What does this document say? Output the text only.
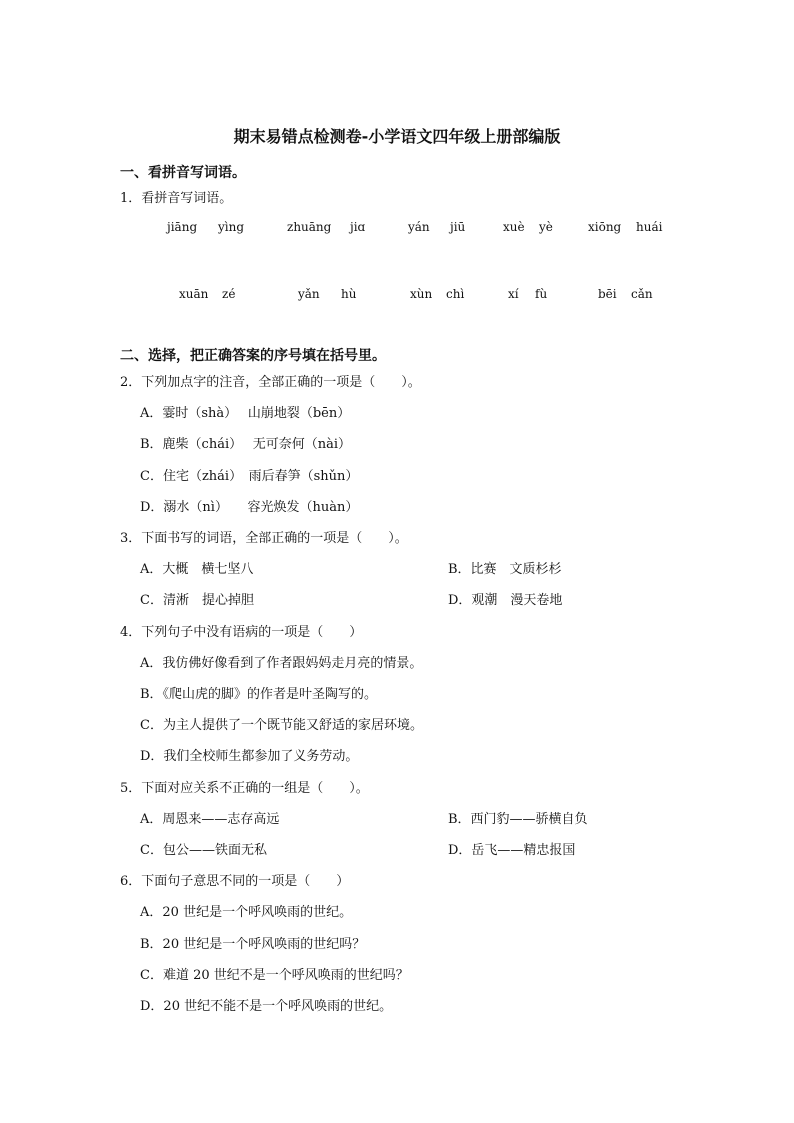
期末易错点检测卷-小学语文四年级上册部编版
一、看拼音写词语。
1．看拼音写词语。
jiāng yìng	zhuāng jiɑ	yán jiū	xuè yè	xiōng huái
xuān zé	yǎn hù	xùn chì	xí fù	bēi cǎn
二、选择，把正确答案的序号填在括号里。
2．下列加点字的注音，全部正确的一项是（　　）。
A．霎时（shà）　 山崩地裂（bēn）
B．鹿柴（chái）　 无可奈何（nài）
C．住宅（zhái）　雨后春笋（shǔn）
D．溺水（nì）　　容光焕发（huàn）
3．下面书写的词语，全部正确的一项是（　　）。
A．大概　横七坚八	B．比赛　文质杉杉
C．清淅　提心掉胆	D．观潮　漫天卷地
4．下列句子中没有语病的一项是（　　）
A．我仿佛好像看到了作者跟妈妈走月亮的情景。
B．《爬山虎的脚》的作者是叶圣陶写的。
C．为主人提供了一个既节能又舒适的家居环境。
D．我们全校师生都参加了义务劳动。
5．下面对应关系不正确的一组是（　　）。
A．周恩来——志存高远	B．西门豹——骄横自负
C．包公——铁面无私	D．岳飞——精忠报国
6．下面句子意思不同的一项是（　　）
A．20 世纪是一个呼风唤雨的世纪。
B．20 世纪是一个呼风唤雨的世纪吗？
C．难道 20 世纪不是一个呼风唤雨的世纪吗？
D．20 世纪不能不是一个呼风唤雨的世纪。
